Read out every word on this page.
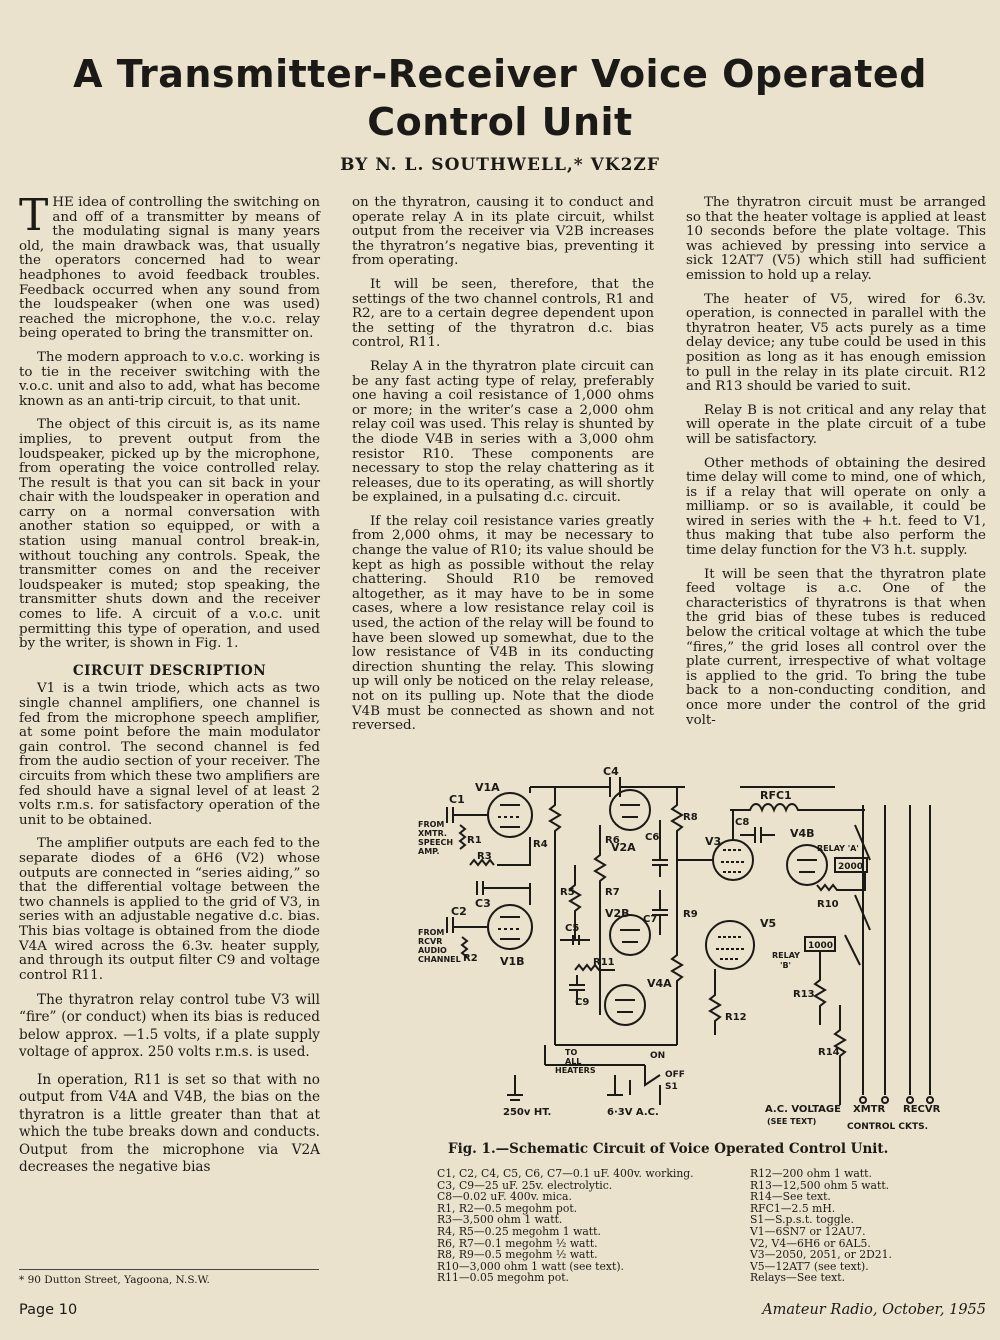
A Transmitter-Receiver Voice Operated
Control Unit
BY N. L. SOUTHWELL,* VK2ZF

THE idea of controlling the switching on and off of a transmitter by means of the modulating signal is many years old, the main drawback was, that usually the operators concerned had to wear headphones to avoid feedback troubles. Feedback occurred when any sound from the loudspeaker (when one was used) reached the microphone, the v.o.c. relay being operated to bring the transmitter on.

The modern approach to v.o.c. working is to tie in the receiver switching with the v.o.c. unit and also to add, what has become known as an anti-trip circuit, to that unit.

The object of this circuit is, as its name implies, to prevent output from the loudspeaker, picked up by the microphone, from operating the voice controlled relay. The result is that you can sit back in your chair with the loudspeaker in operation and carry on a normal conversation with another station so equipped, or with a station using manual control break-in, without touching any controls. Speak, the transmitter comes on and the receiver loudspeaker is muted; stop speaking, the transmitter shuts down and the receiver comes to life. A circuit of a v.o.c. unit permitting this type of operation, and used by the writer, is shown in Fig. 1.

CIRCUIT DESCRIPTION

V1 is a twin triode, which acts as two single channel amplifiers, one channel is fed from the microphone speech amplifier, at some point before the main modulator gain control. The second channel is fed from the audio section of your receiver. The circuits from which these two amplifiers are fed should have a signal level of at least 2 volts r.m.s. for satisfactory operation of the unit to be obtained.

The amplifier outputs are each fed to the separate diodes of a 6H6 (V2) whose outputs are connected in “series aiding,” so that the differential voltage between the two channels is applied to the grid of V3, in series with an adjustable negative d.c. bias. This bias voltage is obtained from the diode V4A wired across the 6.3v. heater supply, and through its output filter C9 and voltage control R11.

The thyratron relay control tube V3 will “fire” (or conduct) when its bias is reduced below approx. —1.5 volts, if a plate supply voltage of approx. 250 volts r.m.s. is used.

In operation, R11 is set so that with no output from V4A and V4B, the bias on the thyratron is a little greater than that at which the tube breaks down and conducts. Output from the microphone via V2A decreases the negative bias

on the thyratron, causing it to conduct and operate relay A in its plate circuit, whilst output from the receiver via V2B increases the thyratron’s negative bias, preventing it from operating.

It will be seen, therefore, that the settings of the two channel controls, R1 and R2, are to a certain degree dependent upon the setting of the thyratron d.c. bias control, R11.

Relay A in the thyratron plate circuit can be any fast acting type of relay, preferably one having a coil resistance of 1,000 ohms or more; in the writer’s case a 2,000 ohm relay coil was used. This relay is shunted by the diode V4B in series with a 3,000 ohm resistor R10. These components are necessary to stop the relay chattering as it releases, due to its operating, as will shortly be explained, in a pulsating d.c. circuit.

If the relay coil resistance varies greatly from 2,000 ohms, it may be necessary to change the value of R10; its value should be kept as high as possible without the relay chattering. Should R10 be removed altogether, as it may have to be in some cases, where a low resistance relay coil is used, the action of the relay will be found to have been slowed up somewhat, due to the low resistance of V4B in its conducting direction shunting the relay. This slowing up will only be noticed on the relay release, not on its pulling up. Note that the diode V4B must be connected as shown and not reversed.

The thyratron circuit must be arranged so that the heater voltage is applied at least 10 seconds before the plate voltage. This was achieved by pressing into service a sick 12AT7 (V5) which still had sufficient emission to hold up a relay.

The heater of V5, wired for 6.3v. operation, is connected in parallel with the thyratron heater, V5 acts purely as a time delay device; any tube could be used in this position as long as it has enough emission to pull in the relay in its plate circuit. R12 and R13 should be varied to suit.

Relay B is not critical and any relay that will operate in the plate circuit of a tube will be satisfactory.

Other methods of obtaining the desired time delay will come to mind, one of which, is if a relay that will operate on only a milliamp. or so is available, it could be wired in series with the + h.t. feed to V1, thus making that tube also perform the time delay function for the V3 h.t. supply.

It will be seen that the thyratron plate feed voltage is a.c. One of the characteristics of thyratrons is that when the grid bias of these tubes is reduced below the critical voltage at which the tube “fires,” the grid loses all control over the plate current, irrespective of what voltage is applied to the grid. To bring the tube back to a non-conducting condition, and once more under the control of the grid volt-

C4
V1A
C1
FROM
XMTR.
SPEECH
AMP.
R1
R3
C3
V1B
C2
FROM
RCVR
AUDIO
CHANNEL R2
R4
R5
V2A
R6
R7
C6
R8
R9
V2B C7
C5
R11
C9
V4A
RFC1
C8
V3
V4B
2000
RELAY 'A'
R10
V5
1000
RELAY
'B'
R13
R12
R14
A.C. VOLTAGE
(SEE TEXT)
XMTR RECVR
CONTROL CKTS.
250v HT.	6·3V A.C.
TO
ALL
HEATERS
ON
OFF
S1
Fig. 1.—Schematic Circuit of Voice Operated Control Unit.
C1, C2, C4, C5, C6, C7—0.1 uF. 400v. working.
C3, C9—25 uF. 25v. electrolytic.
C8—0.02 uF. 400v. mica.
R1, R2—0.5 megohm pot.
R3—3,500 ohm 1 watt.
R4, R5—0.25 megohm 1 watt.
R6, R7—0.1 megohm ½ watt.
R8, R9—0.5 megohm ½ watt.
R10—3,000 ohm 1 watt (see text).
R11—0.05 megohm pot.
R12—200 ohm 1 watt.
R13—12,500 ohm 5 watt.
R14—See text.
RFC1—2.5 mH.
S1—S.p.s.t. toggle.
V1—6SN7 or 12AU7.
V2, V4—6H6 or 6AL5.
V3—2050, 2051, or 2D21.
V5—12AT7 (see text).
Relays—See text.
* 90 Dutton Street, Yagoona, N.S.W.
Page 10	Amateur Radio, October, 1955
